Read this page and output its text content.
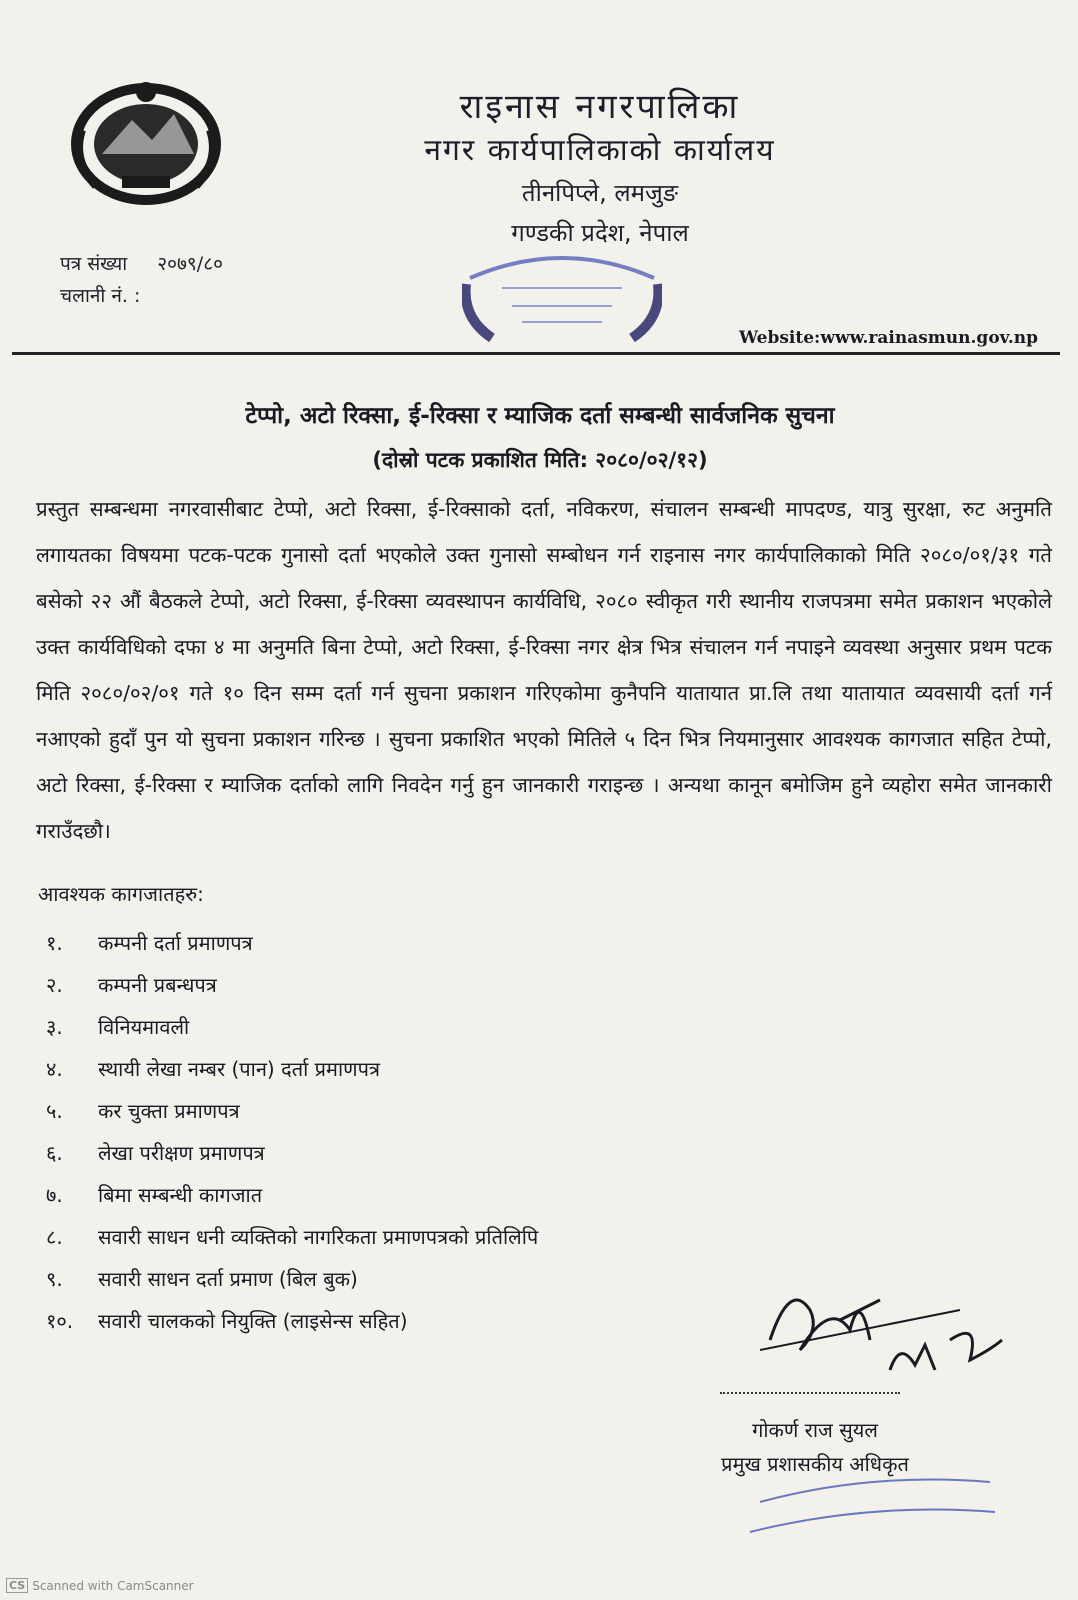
राइनास नगरपालिका
नगर कार्यपालिकाको कार्यालय
तीनपिप्ले, लमजुङ
गण्डकी प्रदेश, नेपाल
पत्र संख्या २०७९/८०
चलानी नं. :
Website:www.rainasmun.gov.np
टेप्पो, अटो रिक्सा, ई-रिक्सा र म्याजिक दर्ता सम्बन्धी सार्वजनिक सुचना
(दोस्रो पटक प्रकाशित मिति: २०८०/०२/१२)
प्रस्तुत सम्बन्धमा नगरवासीबाट टेप्पो, अटो रिक्सा, ई-रिक्साको दर्ता, नविकरण, संचालन सम्बन्धी मापदण्ड, यात्रु सुरक्षा, रुट अनुमति लगायतका विषयमा पटक-पटक गुनासो दर्ता भएकोले उक्त गुनासो सम्बोधन गर्न राइनास नगर कार्यपालिकाको मिति २०८०/०१/३१ गते बसेको २२ औं बैठकले टेप्पो, अटो रिक्सा, ई-रिक्सा व्यवस्थापन कार्यविधि, २०८० स्वीकृत गरी स्थानीय राजपत्रमा समेत प्रकाशन भएकोले उक्त कार्यविधिको दफा ४ मा अनुमति बिना टेप्पो, अटो रिक्सा, ई-रिक्सा नगर क्षेत्र भित्र संचालन गर्न नपाइने व्यवस्था अनुसार प्रथम पटक मिति २०८०/०२/०१ गते १० दिन सम्म दर्ता गर्न सुचना प्रकाशन गरिएकोमा कुनैपनि यातायात प्रा.लि तथा यातायात व्यवसायी दर्ता गर्न नआएको हुदाँ पुन यो सुचना प्रकाशन गरिन्छ । सुचना प्रकाशित भएको मितिले ५ दिन भित्र नियमानुसार आवश्यक कागजात सहित टेप्पो, अटो रिक्सा, ई-रिक्सा र म्याजिक दर्ताको लागि निवदेन गर्नु हुन जानकारी गराइन्छ । अन्यथा कानून बमोजिम हुने व्यहोरा समेत जानकारी गराउँदछौ।
आवश्यक कागजातहरु:
१. कम्पनी दर्ता प्रमाणपत्र
२. कम्पनी प्रबन्धपत्र
३. विनियमावली
४. स्थायी लेखा नम्बर (पान) दर्ता प्रमाणपत्र
५. कर चुक्ता प्रमाणपत्र
६. लेखा परीक्षण प्रमाणपत्र
७. बिमा सम्बन्धी कागजात
८. सवारी साधन धनी व्यक्तिको नागरिकता प्रमाणपत्रको प्रतिलिपि
९. सवारी साधन दर्ता प्रमाण (बिल बुक)
१०. सवारी चालकको नियुक्ति (लाइसेन्स सहित)
गोकर्ण राज सुयल
प्रमुख प्रशासकीय अधिकृत
CS Scanned with CamScanner
